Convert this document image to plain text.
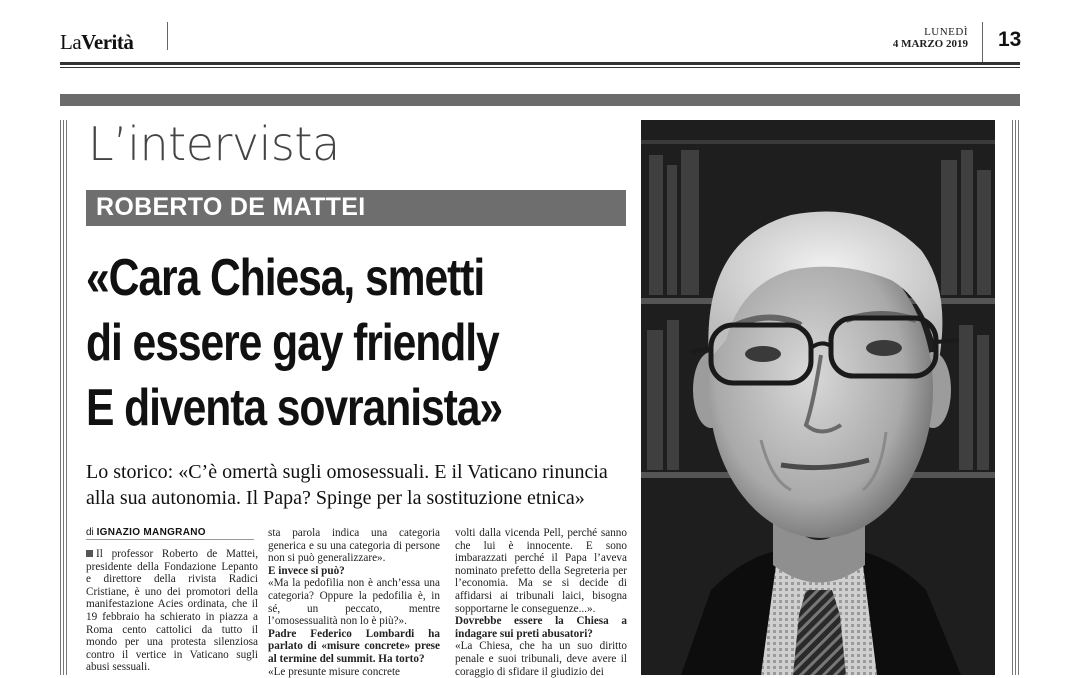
LaVerità	LUNEDÌ
4 MARZO 2019 13
L’intervista
ROBERTO DE MATTEI
«Cara Chiesa, smetti
di essere gay friendly
E diventa sovranista»
Lo storico: «C’è omertà sugli omosessuali. E il Vaticano rinuncia alla sua autonomia. Il Papa? Spinge per la sostituzione etnica»
di IGNAZIO MANGRANO

Il professor Roberto de Mattei, presidente della Fondazione Lepanto e direttore della rivista Radici Cristiane, è uno dei promotori della manifestazione Acies ordinata, che il 19 febbraio ha schierato in piazza a Roma cento cattolici da tutto il mondo per una protesta silenziosa contro il vertice in Vaticano sugli abusi sessuali.

sta parola indica una categoria generica e su una categoria di persone non si può generalizzare».

E invece si può?

«Ma la pedofilia non è anch’essa una categoria? Oppure la pedofilia è, in sé, un peccato, mentre l’omosessualità non lo è più?».

Padre Federico Lombardi ha parlato di «misure concrete» prese al termine del summit. Ha torto?

«Le presunte misure concrete

volti dalla vicenda Pell, perché sanno che lui è innocente. E sono imbarazzati perché il Papa l’aveva nominato prefetto della Segreteria per l’economia. Ma se si decide di affidarsi ai tribunali laici, bisogna sopportarne le conseguenze...».

Dovrebbe essere la Chiesa a indagare sui preti abusatori?

«La Chiesa, che ha un suo diritto penale e suoi tribunali, deve avere il coraggio di sfidare il giudizio dei
